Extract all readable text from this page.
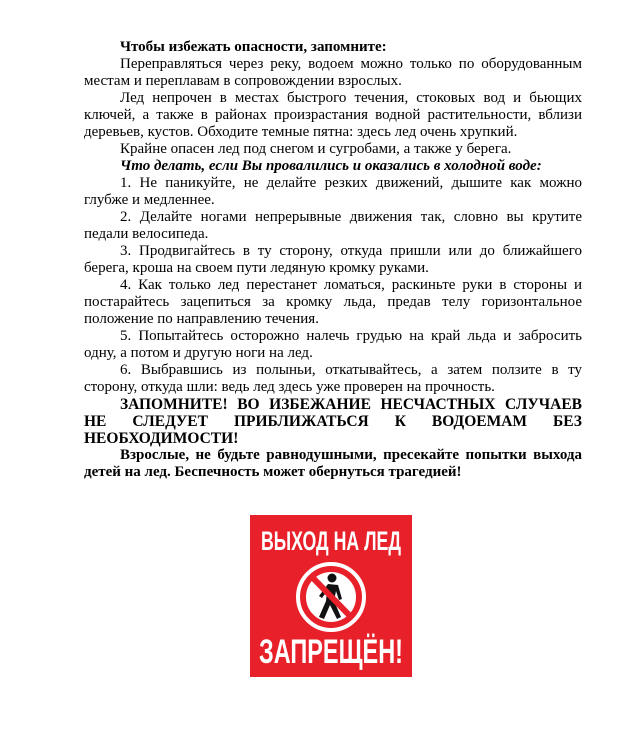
Чтобы избежать опасности, запомните:

Переправляться через реку, водоем можно только по оборудованным местам и переплавам в сопровождении взрослых.

Лед непрочен в местах быстрого течения, стоковых вод и бьющих ключей, а также в районах произрастания водной растительности, вблизи деревьев, кустов. Обходите темные пятна: здесь лед очень хрупкий.

Крайне опасен лед под снегом и сугробами, а также у берега.

Что делать, если Вы провалились и оказались в холодной воде:

1. Не паникуйте, не делайте резких движений, дышите как можно глубже и медленнее.

2. Делайте ногами непрерывные движения так, словно вы крутите педали велосипеда.

3. Продвигайтесь в ту сторону, откуда пришли или до ближайшего берега, кроша на своем пути ледяную кромку руками.

4. Как только лед перестанет ломаться, раскиньте руки в стороны и постарайтесь зацепиться за кромку льда, предав телу горизонтальное положение по направлению течения.

5. Попытайтесь осторожно налечь грудью на край льда и забросить одну, а потом и другую ноги на лед.

6. Выбравшись из полыньи, откатывайтесь, а затем ползите в ту сторону, откуда шли: ведь лед здесь уже проверен на прочность.

ЗАПОМНИТЕ! ВО ИЗБЕЖАНИЕ НЕСЧАСТНЫХ СЛУЧАЕВ НЕ СЛЕДУЕТ ПРИБЛИЖАТЬСЯ К ВОДОЕМАМ БЕЗ НЕОБХОДИМОСТИ!

Взрослые, не будьте равнодушными, пресекайте попытки выхода детей на лед. Беспечность может обернуться трагедией!

ВЫХОД НА ЛЕД
ЗАПРЕЩЁН!
